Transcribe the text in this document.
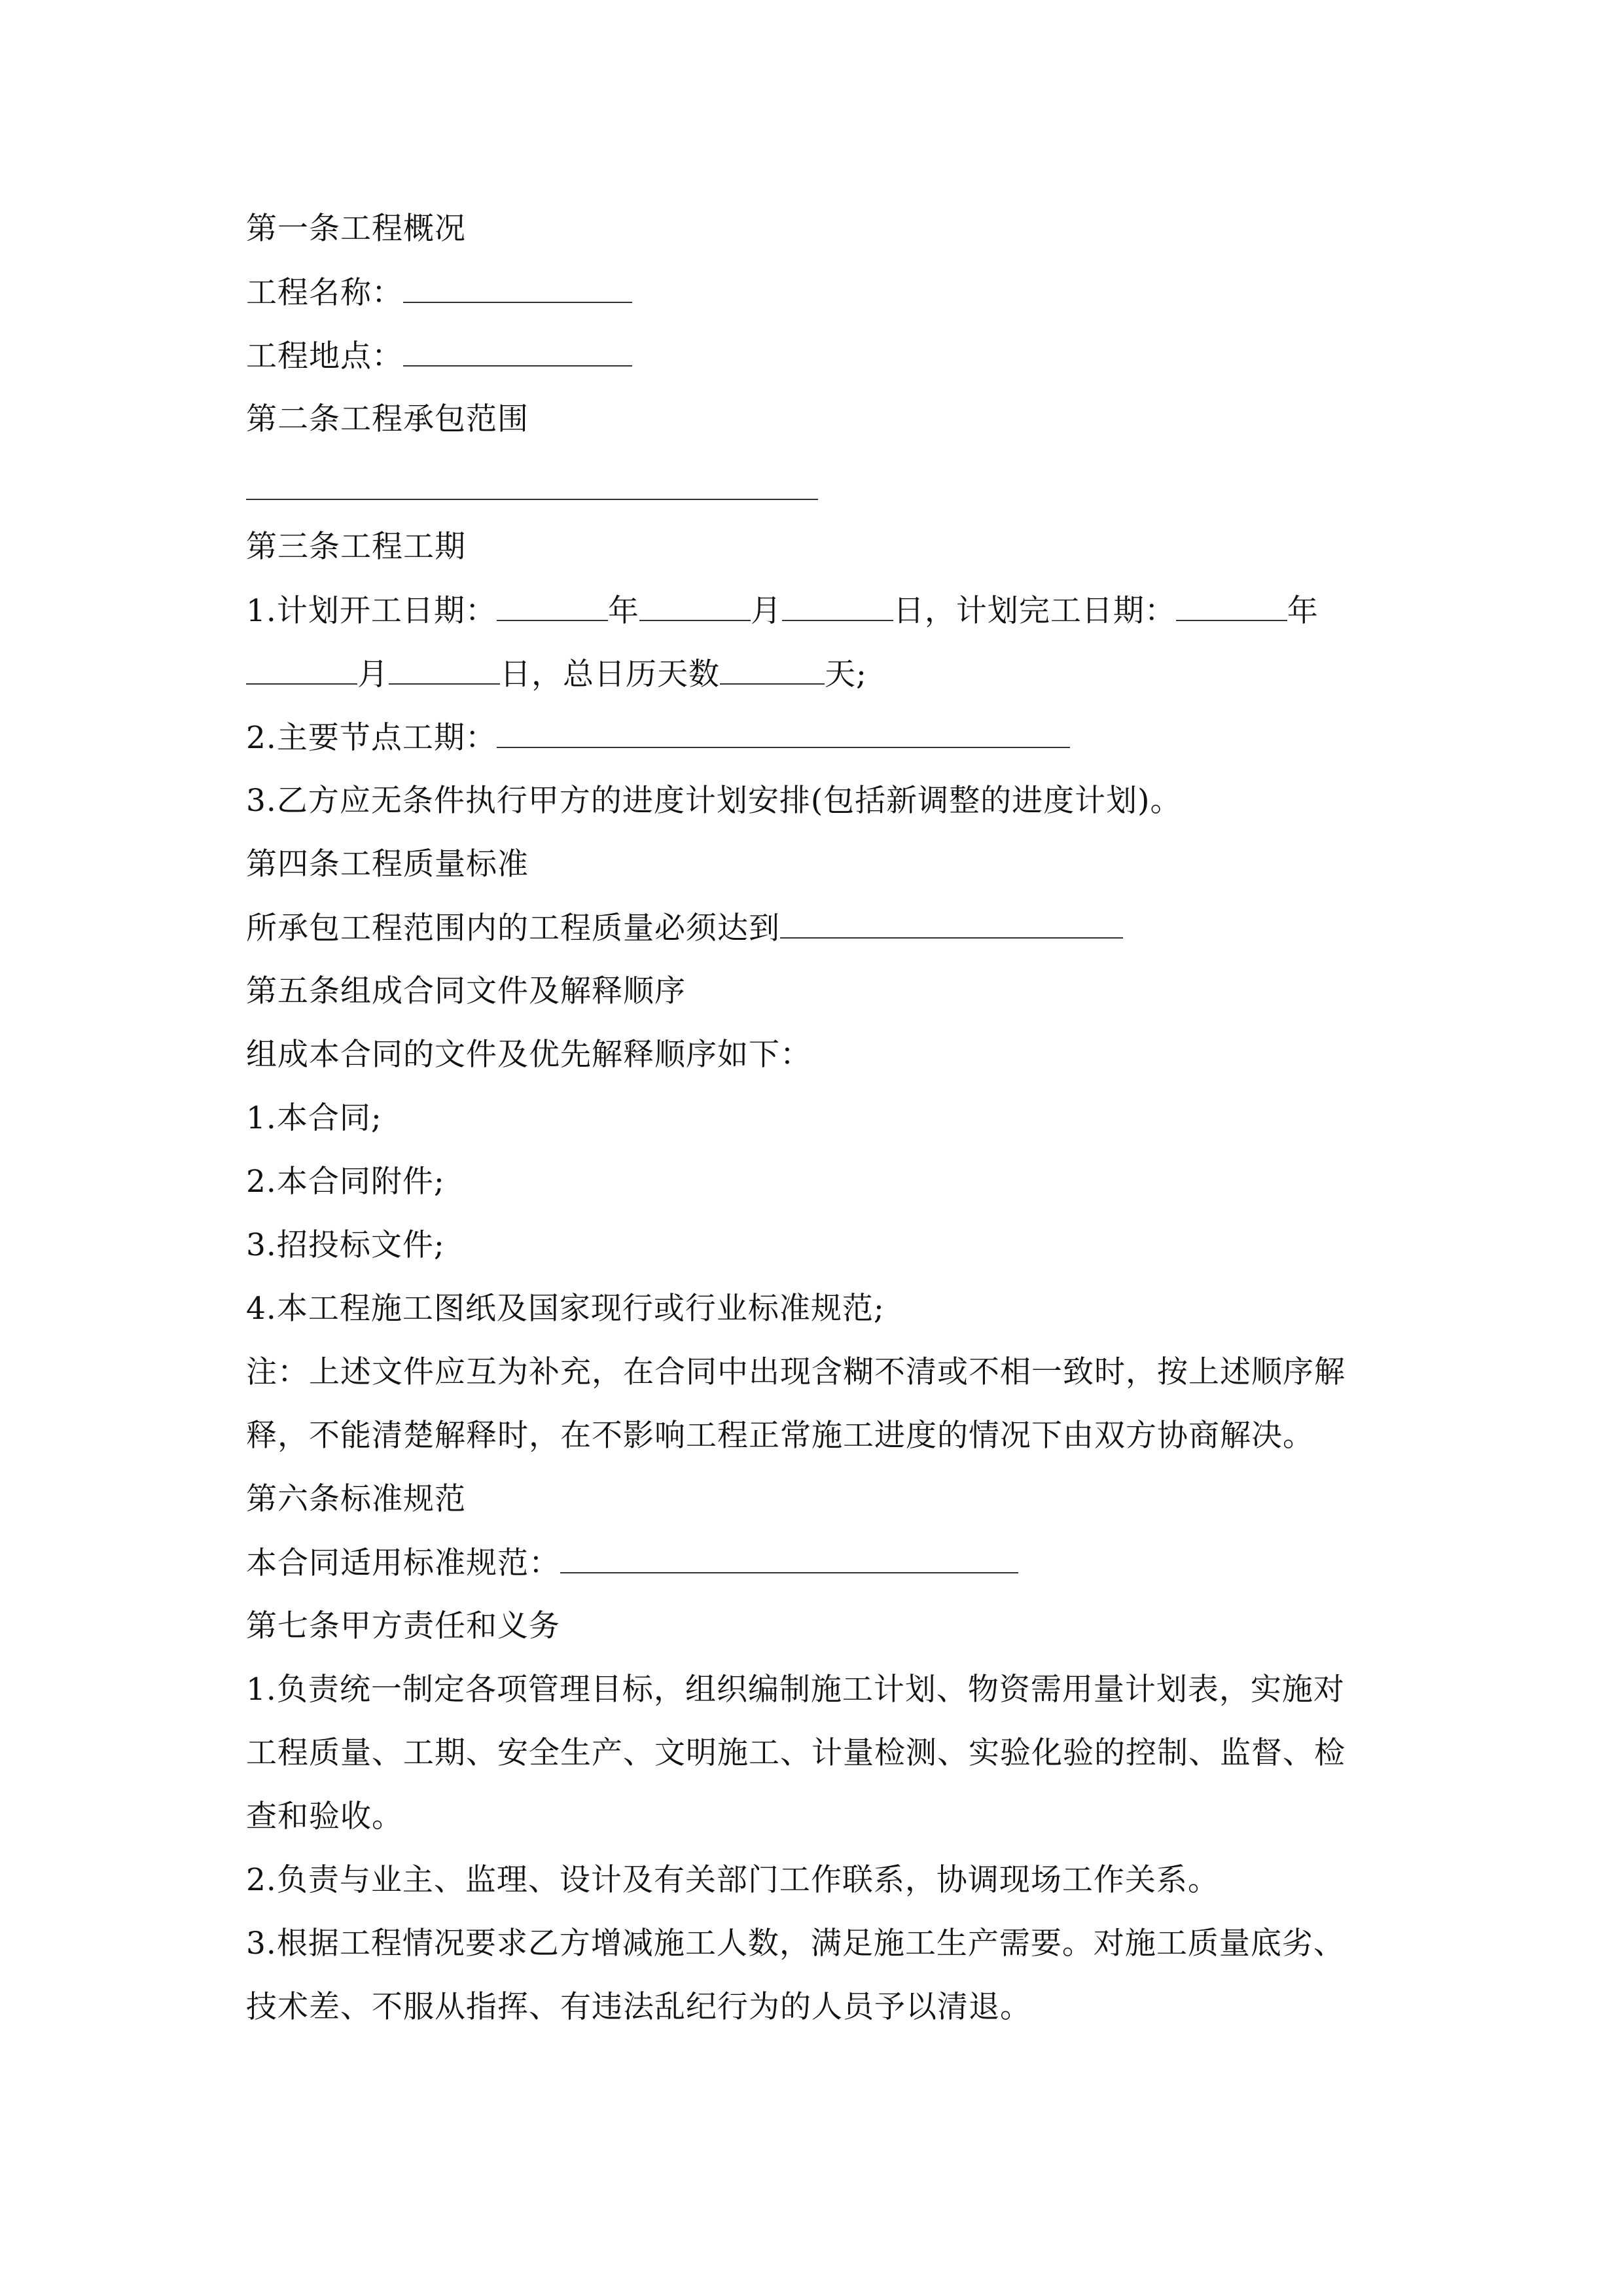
第一条工程概况
工程名称：
工程地点：
第二条工程承包范围
第三条工程工期
1.计划开工日期：	年	月	日，计划完工日期：	年
月	日，总日历天数	天;
2.主要节点工期：
3.乙方应无条件执行甲方的进度计划安排(包括新调整的进度计划)。
第四条工程质量标准
所承包工程范围内的工程质量必须达到
第五条组成合同文件及解释顺序
组成本合同的文件及优先解释顺序如下：
1.本合同;
2.本合同附件;
3.招投标文件;
4.本工程施工图纸及国家现行或行业标准规范;
注：上述文件应互为补充，在合同中出现含糊不清或不相一致时，按上述顺序解
释，不能清楚解释时，在不影响工程正常施工进度的情况下由双方协商解决。
第六条标准规范
本合同适用标准规范：
第七条甲方责任和义务
1.负责统一制定各项管理目标，组织编制施工计划、物资需用量计划表，实施对
工程质量、工期、安全生产、文明施工、计量检测、实验化验的控制、监督、检
查和验收。
2.负责与业主、监理、设计及有关部门工作联系，协调现场工作关系。
3.根据工程情况要求乙方增减施工人数，满足施工生产需要。对施工质量底劣、
技术差、不服从指挥、有违法乱纪行为的人员予以清退。
